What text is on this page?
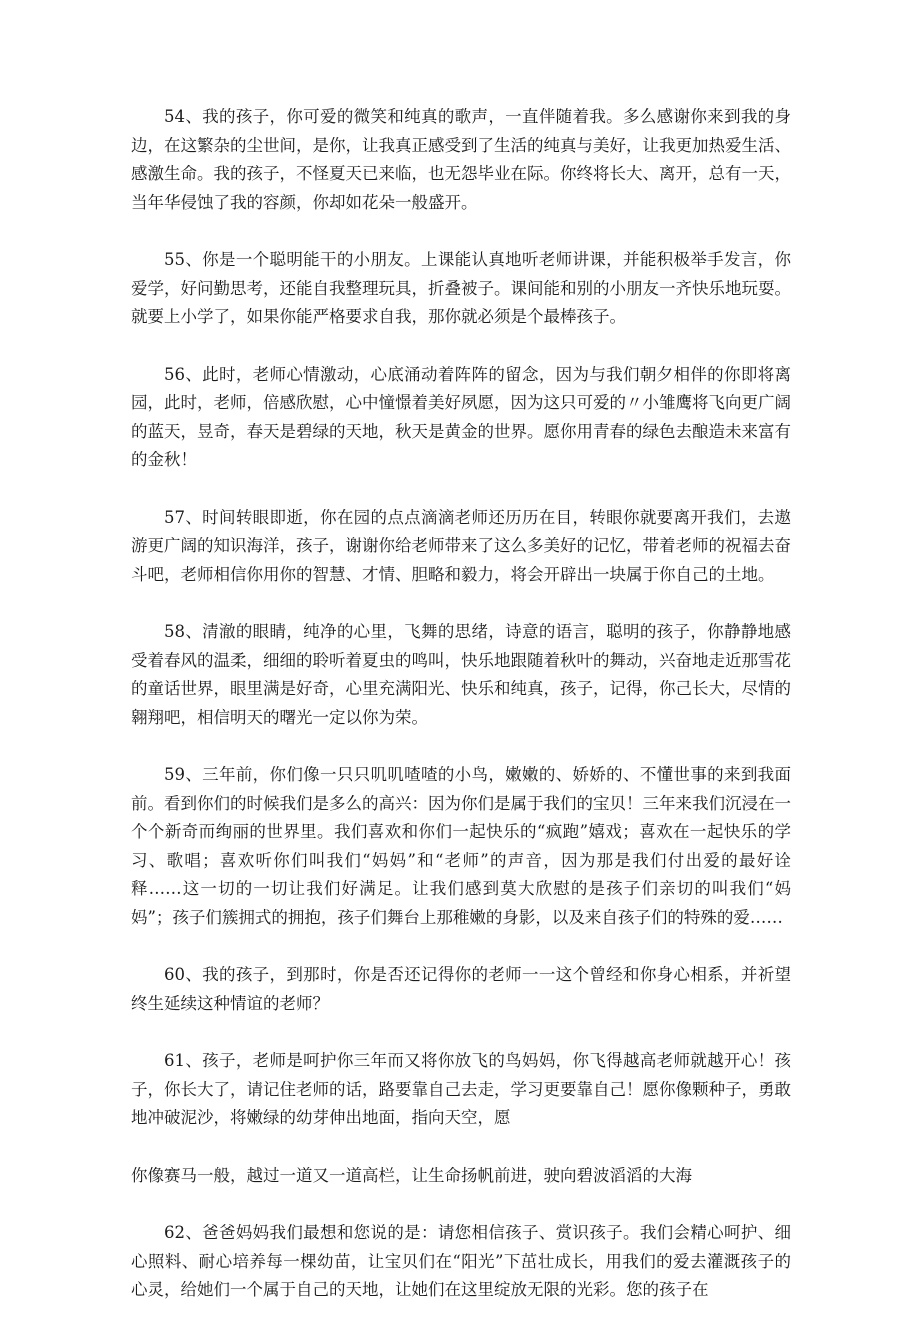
54、我的孩子，你可爱的微笑和纯真的歌声，一直伴随着我。多么感谢你来到我的身边，在这繁杂的尘世间，是你，让我真正感受到了生活的纯真与美好，让我更加热爱生活、感激生命。我的孩子，不怪夏天已来临，也无怨毕业在际。你终将长大、离开，总有一天，当年华侵蚀了我的容颜，你却如花朵一般盛开。

55、你是一个聪明能干的小朋友。上课能认真地听老师讲课，并能积极举手发言，你爱学，好问勤思考，还能自我整理玩具，折叠被子。课间能和别的小朋友一齐快乐地玩耍。就要上小学了，如果你能严格要求自我，那你就必须是个最棒孩子。

56、此时，老师心情激动，心底涌动着阵阵的留念，因为与我们朝夕相伴的你即将离园，此时，老师，倍感欣慰，心中憧憬着美好夙愿，因为这只可爱的〃小雏鹰将飞向更广阔的蓝天，昱奇，春天是碧绿的天地，秋天是黄金的世界。愿你用青春的绿色去酿造未来富有的金秋！

57、时间转眼即逝，你在园的点点滴滴老师还历历在目，转眼你就要离开我们，去遨游更广阔的知识海洋，孩子，谢谢你给老师带来了这么多美好的记忆，带着老师的祝福去奋斗吧，老师相信你用你的智慧、才情、胆略和毅力，将会开辟出一块属于你自己的土地。

58、清澈的眼睛，纯净的心里，飞舞的思绪，诗意的语言，聪明的孩子，你静静地感受着春风的温柔，细细的聆听着夏虫的鸣叫，快乐地跟随着秋叶的舞动，兴奋地走近那雪花的童话世界，眼里满是好奇，心里充满阳光、快乐和纯真，孩子，记得，你己长大，尽情的翱翔吧，相信明天的曙光一定以你为荣。

59、三年前，你们像一只只叽叽喳喳的小鸟，嫩嫩的、娇娇的、不懂世事的来到我面前。看到你们的时候我们是多么的高兴：因为你们是属于我们的宝贝！三年来我们沉浸在一个个新奇而绚丽的世界里。我们喜欢和你们一起快乐的“疯跑”嬉戏；喜欢在一起快乐的学习、歌唱；喜欢听你们叫我们“妈妈”和“老师”的声音，因为那是我们付出爱的最好诠释……这一切的一切让我们好满足。让我们感到莫大欣慰的是孩子们亲切的叫我们“妈妈”；孩子们簇拥式的拥抱，孩子们舞台上那稚嫩的身影，以及来自孩子们的特殊的爱……

60、我的孩子，到那时，你是否还记得你的老师一一这个曾经和你身心相系，并祈望终生延续这种情谊的老师？

61、孩子，老师是呵护你三年而又将你放飞的鸟妈妈，你飞得越高老师就越开心！孩子，你长大了，请记住老师的话，路要靠自己去走，学习更要靠自己！愿你像颗种子，勇敢地冲破泥沙，将嫩绿的幼芽伸出地面，指向天空，愿

你像赛马一般，越过一道又一道高栏，让生命扬帆前进，驶向碧波滔滔的大海

62、爸爸妈妈我们最想和您说的是：请您相信孩子、赏识孩子。我们会精心呵护、细心照料、耐心培养每一棵幼苗，让宝贝们在“阳光”下茁壮成长，用我们的爱去灌溉孩子的心灵，给她们一个属于自己的天地，让她们在这里绽放无限的光彩。您的孩子在
